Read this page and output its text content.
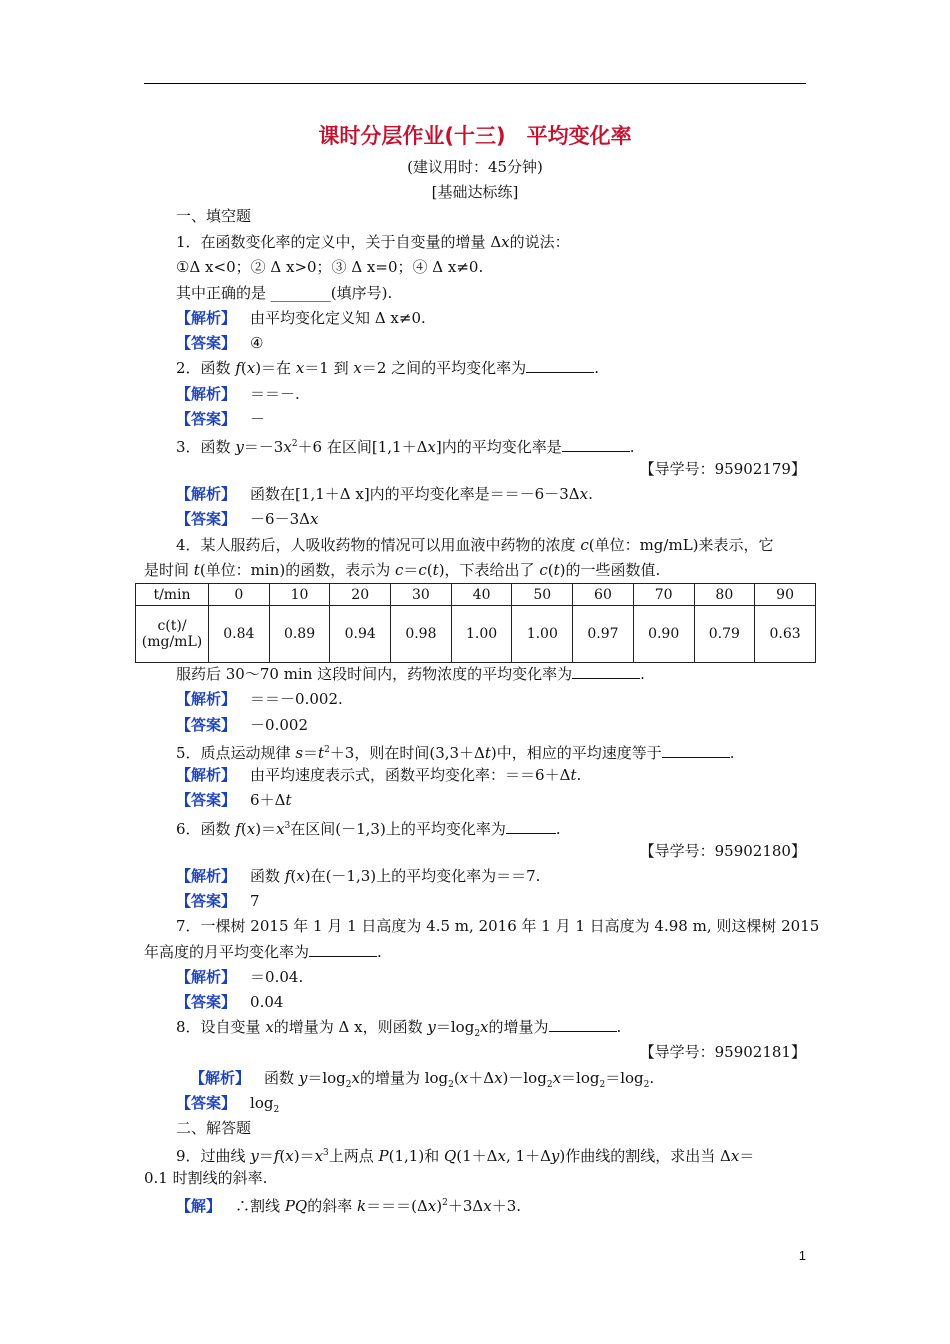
课时分层作业(十三)　平均变化率
(建议用时：45分钟)
[基础达标练]
一、填空题
1．在函数变化率的定义中，关于自变量的增量 Δx的说法：
①Δ x<0；② Δ x>0；③ Δ x=0；④ Δ x≠0.
其中正确的是 ________(填序号).
【解析】 由平均变化定义知 Δ x≠0.
【答案】 ④
2．函数 f(x)＝在 x＝1 到 x＝2 之间的平均变化率为	.
【解析】 ＝＝－.
【答案】 －
3．函数 $y=-3x^2+6$ 在区间[1,1＋Δx]内的平均变化率是	.
【导学号：95902179】
【解析】 函数在[1,1＋Δ x]内的平均变化率是＝＝－6－3Δx.
【答案】 －6－3Δx
4．某人服药后，人吸收药物的情况可以用血液中药物的浓度 c(单位：mg/mL)来表示，它
是时间 t(单位：min)的函数，表示为 c＝c(t)，下表给出了 c(t)的一些函数值.
t/min	0	10	20	30	40	50	60	70	80	90

c(t)/
(mg/mL)	0.84	0.89	0.94	0.98	1.00	1.00	0.97	0.90	0.79	0.63
服药后 30～70 min 这段时间内，药物浓度的平均变化率为	.
【解析】 ＝＝－0.002.
【答案】 －0.002
5．质点运动规律 $s=t^2+3$，则在时间(3,3＋Δt)中，相应的平均速度等于	.
【解析】 由平均速度表示式，函数平均变化率：＝＝6＋Δt.
【答案】 6＋Δt
6．函数 $f(x)=x^3$在区间(－1,3)上的平均变化率为	.
【导学号：95902180】
【解析】 函数 f(x)在(－1,3)上的平均变化率为＝＝7.
【答案】 7
7．一棵树 2015 年 1 月 1 日高度为 4.5 m, 2016 年 1 月 1 日高度为 4.98 m, 则这棵树 2015
年高度的月平均变化率为	.
【解析】 ＝0.04.
【答案】 0.04
8．设自变量 x的增量为 Δ x，则函数 $y=\log_2x$的增量为	.
【导学号：95902181】
【解析】 函数 $y=\log_2x$的增量为 $\log_2(x+\Delta x)-\log_2x=\log_2=\log_2$.
【答案】 $\log_2$
二、解答题
9．过曲线 $y=f(x)=x^3$上两点 P(1,1)和 Q(1＋Δx, 1＋Δy)作曲线的割线，求出当 Δx＝
0.1 时割线的斜率.
【解】 ∴割线 PQ的斜率 $k===(\Delta x)^2+3\Delta x+3$.
1
